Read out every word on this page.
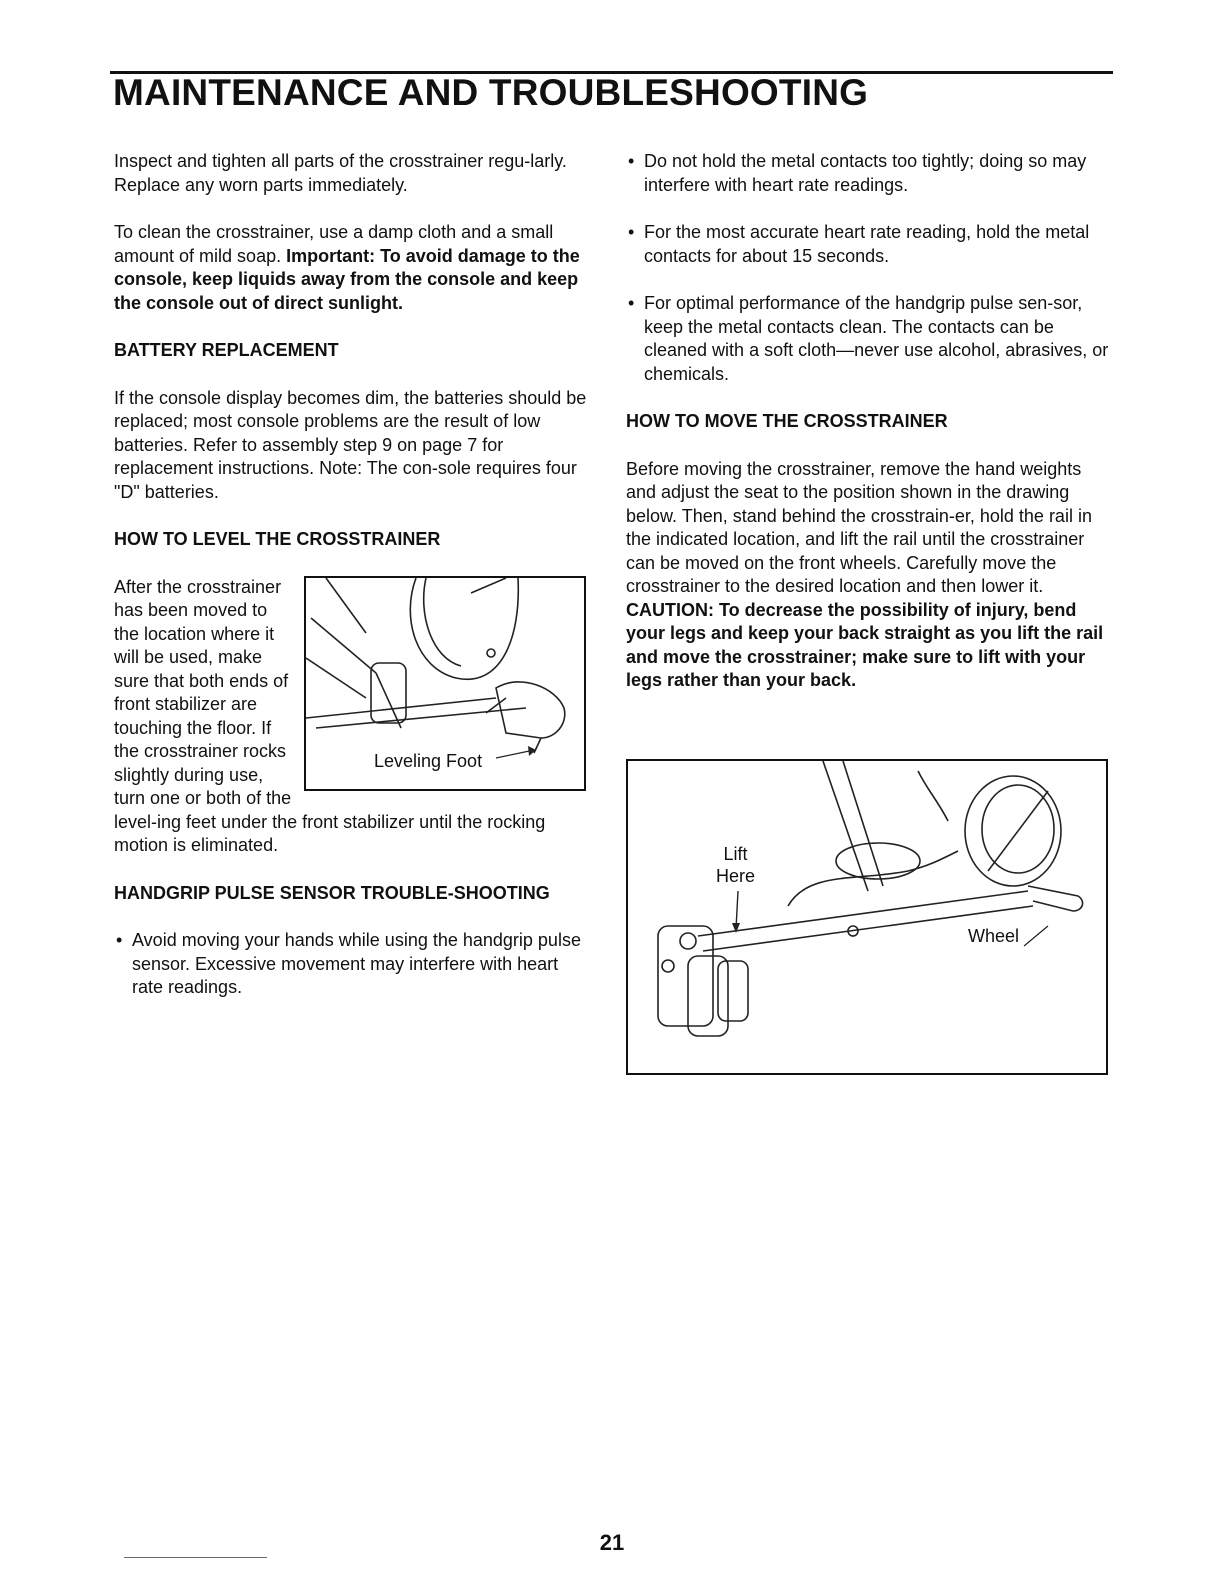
MAINTENANCE AND TROUBLESHOOTING

Inspect and tighten all parts of the crosstrainer regu-larly. Replace any worn parts immediately.

To clean the crosstrainer, use a damp cloth and a small amount of mild soap. Important: To avoid damage to the console, keep liquids away from the console and keep the console out of direct sunlight.

BATTERY REPLACEMENT

If the console display becomes dim, the batteries should be replaced; most console problems are the result of low batteries. Refer to assembly step 9 on page 7 for replacement instructions. Note: The con-sole requires four "D" batteries.

HOW TO LEVEL THE CROSSTRAINER
Leveling Foot

After the crosstrainer has been moved to the location where it will be used, make sure that both ends of front stabilizer are touching the floor. If the crosstrainer rocks slightly during use, turn one or both of the level-ing feet under the front stabilizer until the rocking motion is eliminated.

HANDGRIP PULSE SENSOR TROUBLE-SHOOTING
• Avoid moving your hands while using the handgrip pulse sensor. Excessive movement may interfere with heart rate readings.
• Do not hold the metal contacts too tightly; doing so may interfere with heart rate readings.
• For the most accurate heart rate reading, hold the metal contacts for about 15 seconds.
• For optimal performance of the handgrip pulse sen-sor, keep the metal contacts clean. The contacts can be cleaned with a soft cloth—never use alcohol, abrasives, or chemicals.
HOW TO MOVE THE CROSSTRAINER

Before moving the crosstrainer, remove the hand weights and adjust the seat to the position shown in the drawing below. Then, stand behind the crosstrain-er, hold the rail in the indicated location, and lift the rail until the crosstrainer can be moved on the front wheels. Carefully move the crosstrainer to the desired location and then lower it. CAUTION: To decrease the possibility of injury, bend your legs and keep your back straight as you lift the rail and move the crosstrainer; make sure to lift with your legs rather than your back.

Lift
Here
Wheel
21
